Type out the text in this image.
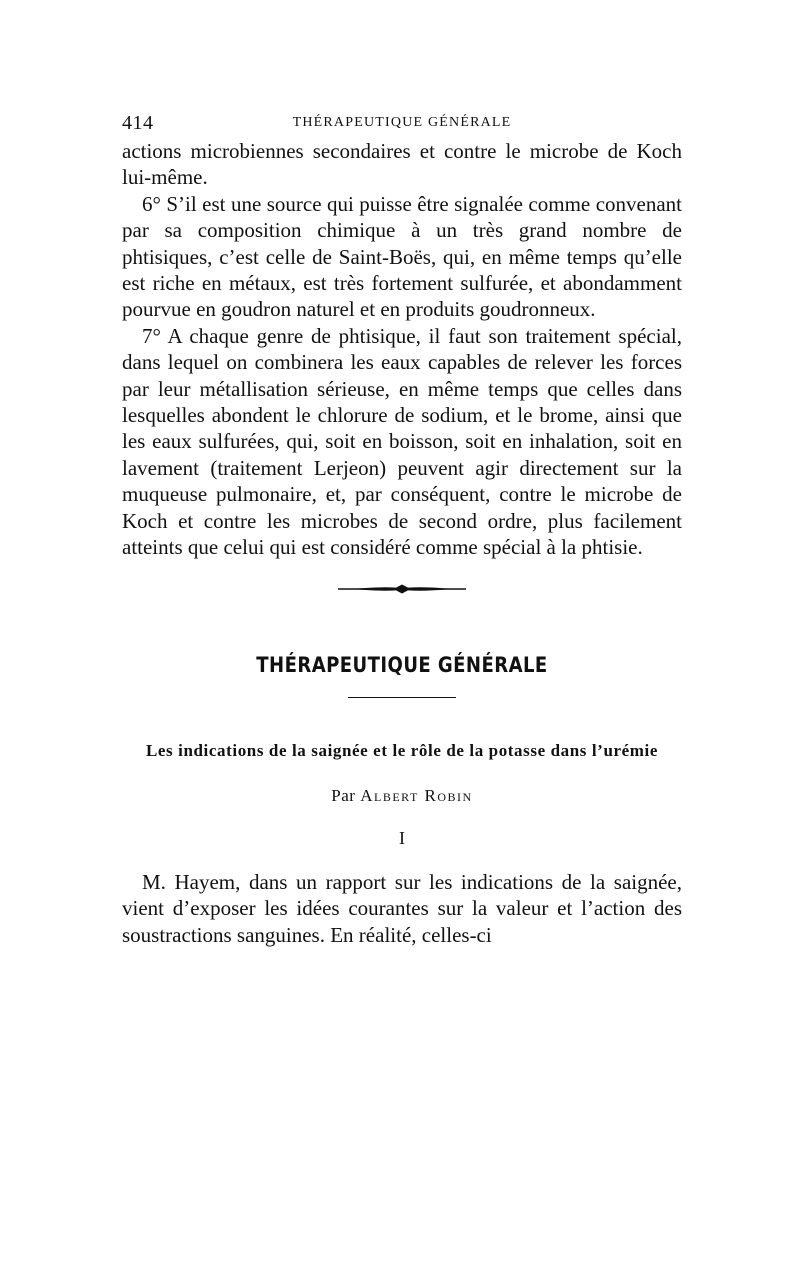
414	THÉRAPEUTIQUE GÉNÉRALE

actions microbiennes secondaires et contre le microbe de Koch lui-même.

6° S’il est une source qui puisse être signalée comme convenant par sa composition chimique à un très grand nombre de phtisiques, c’est celle de Saint-Boës, qui, en même temps qu’elle est riche en métaux, est très fortement sulfurée, et abondamment pourvue en goudron naturel et en produits goudronneux.

7° A chaque genre de phtisique, il faut son traitement spécial, dans lequel on combinera les eaux capables de relever les forces par leur métallisation sérieuse, en même temps que celles dans lesquelles abondent le chlorure de sodium, et le brome, ainsi que les eaux sulfurées, qui, soit en boisson, soit en inhalation, soit en lavement (traitement Lerjeon) peuvent agir directement sur la muqueuse pulmonaire, et, par conséquent, contre le microbe de Koch et contre les microbes de second ordre, plus facilement atteints que celui qui est considéré comme spécial à la phtisie.

THÉRAPEUTIQUE GÉNÉRALE

Les indications de la saignée et le rôle de la potasse dans l’urémie

Par Albert Robin
I

M. Hayem, dans un rapport sur les indications de la saignée, vient d’exposer les idées courantes sur la valeur et l’action des soustractions sanguines. En réalité, celles-ci
